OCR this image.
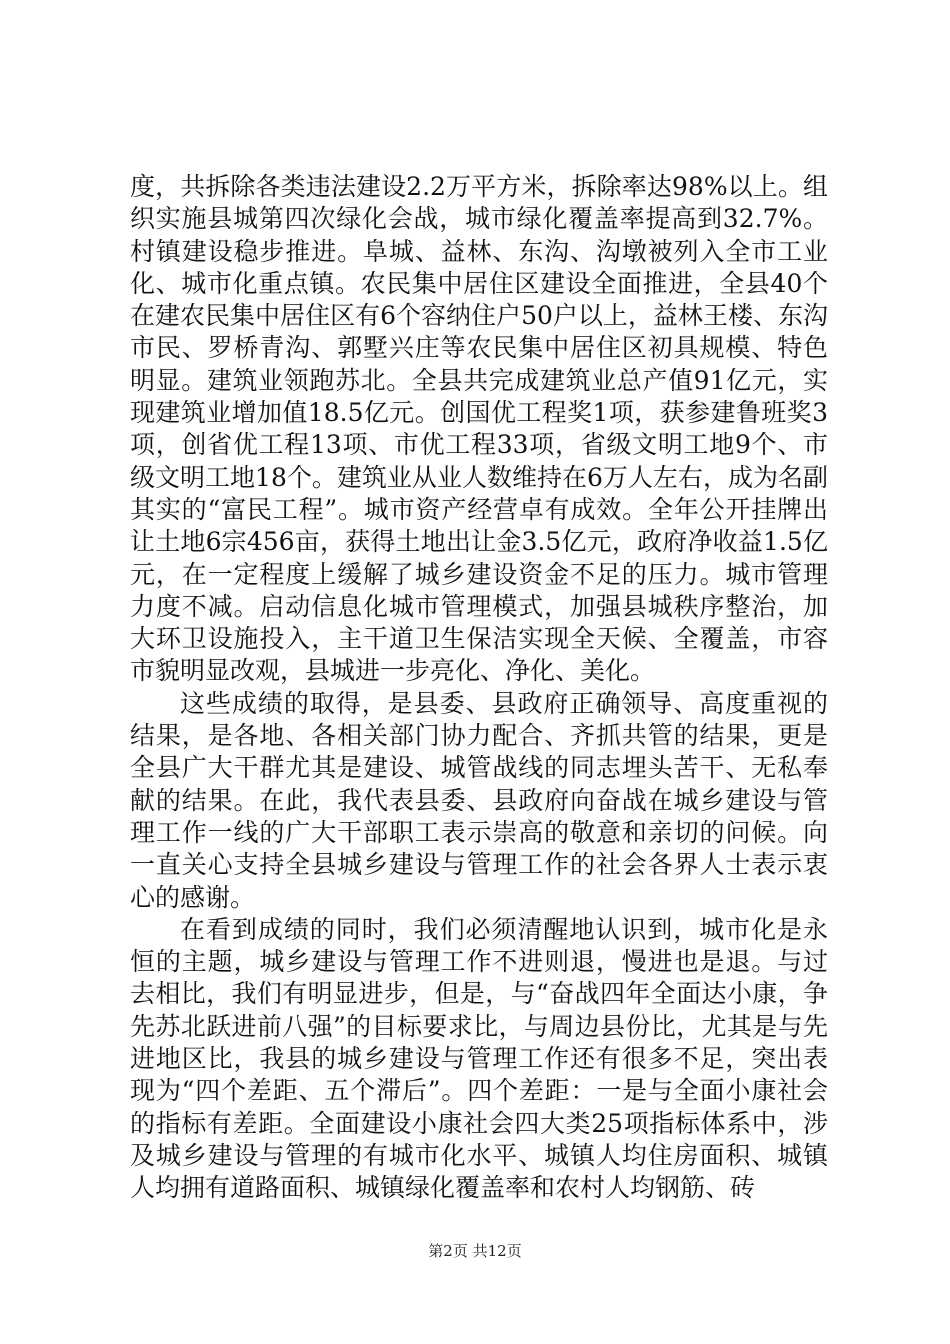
度，共拆除各类违法建设2.2万平方米，拆除率达98%以上。组织实施县城第四次绿化会战，城市绿化覆盖率提高到32.7%。村镇建设稳步推进。阜城、益林、东沟、沟墩被列入全市工业化、城市化重点镇。农民集中居住区建设全面推进，全县40个在建农民集中居住区有6个容纳住户50户以上，益林王楼、东沟市民、罗桥青沟、郭墅兴庄等农民集中居住区初具规模、特色明显。建筑业领跑苏北。全县共完成建筑业总产值91亿元，实现建筑业增加值18.5亿元。创国优工程奖1项，获参建鲁班奖3项，创省优工程13项、市优工程33项，省级文明工地9个、市级文明工地18个。建筑业从业人数维持在6万人左右，成为名副其实的“富民工程”。城市资产经营卓有成效。全年公开挂牌出让土地6宗456亩，获得土地出让金3.5亿元，政府净收益1.5亿元，在一定程度上缓解了城乡建设资金不足的压力。城市管理力度不减。启动信息化城市管理模式，加强县城秩序整治，加大环卫设施投入，主干道卫生保洁实现全天候、全覆盖，市容市貌明显改观，县城进一步亮化、净化、美化。

这些成绩的取得，是县委、县政府正确领导、高度重视的结果，是各地、各相关部门协力配合、齐抓共管的结果，更是全县广大干群尤其是建设、城管战线的同志埋头苦干、无私奉献的结果。在此，我代表县委、县政府向奋战在城乡建设与管理工作一线的广大干部职工表示崇高的敬意和亲切的问候。向一直关心支持全县城乡建设与管理工作的社会各界人士表示衷心的感谢。

在看到成绩的同时，我们必须清醒地认识到，城市化是永恒的主题，城乡建设与管理工作不进则退，慢进也是退。与过去相比，我们有明显进步，但是，与“奋战四年全面达小康，争先苏北跃进前八强”的目标要求比，与周边县份比，尤其是与先进地区比，我县的城乡建设与管理工作还有很多不足，突出表现为“四个差距、五个滞后”。四个差距：一是与全面小康社会的指标有差距。全面建设小康社会四大类25项指标体系中，涉及城乡建设与管理的有城市化水平、城镇人均住房面积、城镇人均拥有道路面积、城镇绿化覆盖率和农村人均钢筋、砖

第2页 共12页
